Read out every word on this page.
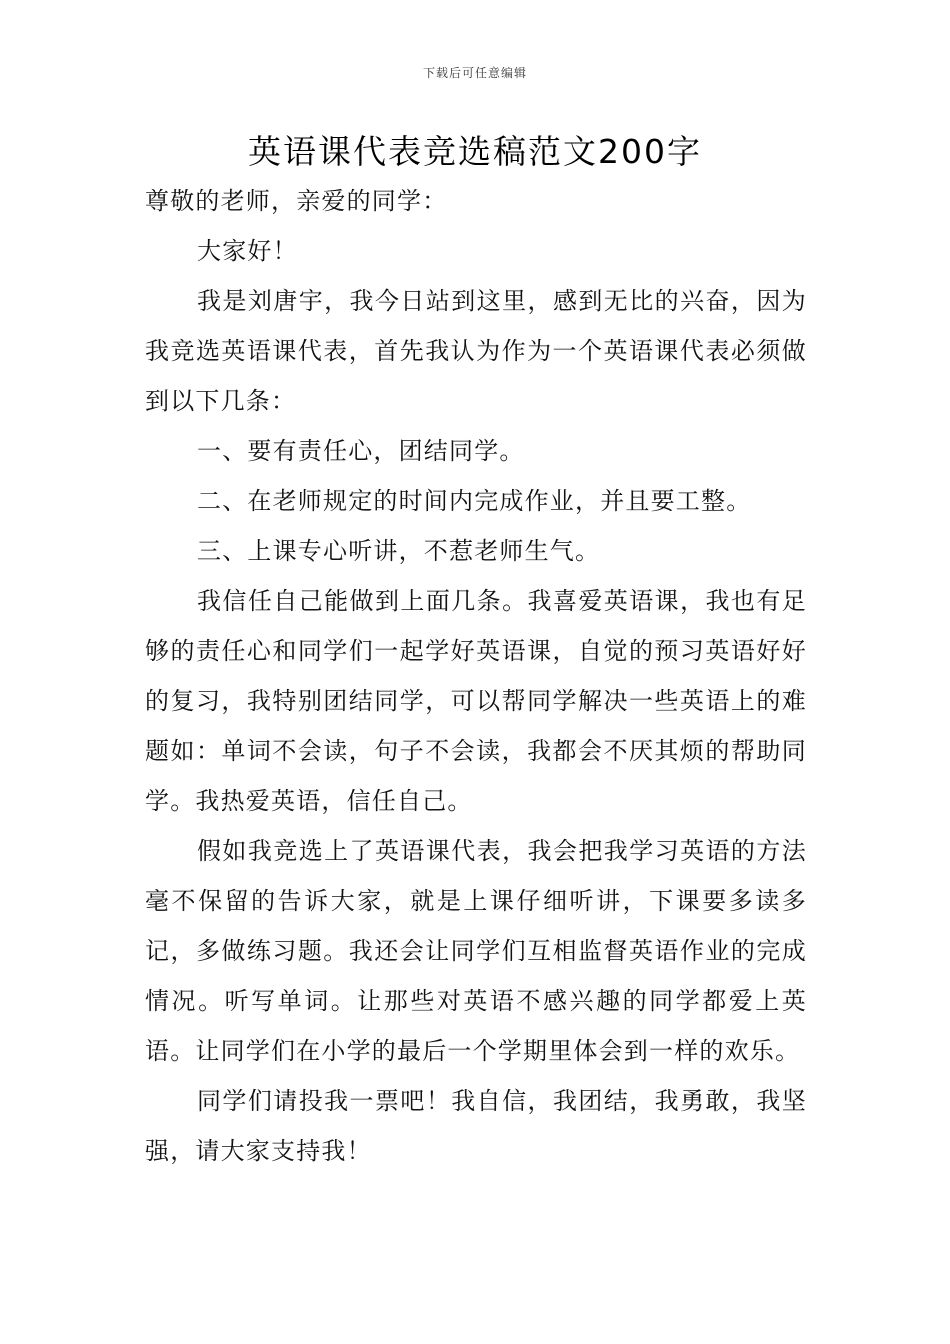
下载后可任意编辑
英语课代表竞选稿范文200字

尊敬的老师，亲爱的同学：

大家好！

我是刘唐宇，我今日站到这里，感到无比的兴奋，因为我竞选英语课代表，首先我认为作为一个英语课代表必须做到以下几条：

一、要有责任心，团结同学。

二、在老师规定的时间内完成作业，并且要工整。

三、上课专心听讲，不惹老师生气。

我信任自己能做到上面几条。我喜爱英语课，我也有足够的责任心和同学们一起学好英语课，自觉的预习英语好好的复习，我特别团结同学，可以帮同学解决一些英语上的难题如：单词不会读，句子不会读，我都会不厌其烦的帮助同学。我热爱英语，信任自己。

假如我竞选上了英语课代表，我会把我学习英语的方法毫不保留的告诉大家，就是上课仔细听讲，下课要多读多记，多做练习题。我还会让同学们互相监督英语作业的完成情况。听写单词。让那些对英语不感兴趣的同学都爱上英语。让同学们在小学的最后一个学期里体会到一样的欢乐。

同学们请投我一票吧！我自信，我团结，我勇敢，我坚强，请大家支持我！
